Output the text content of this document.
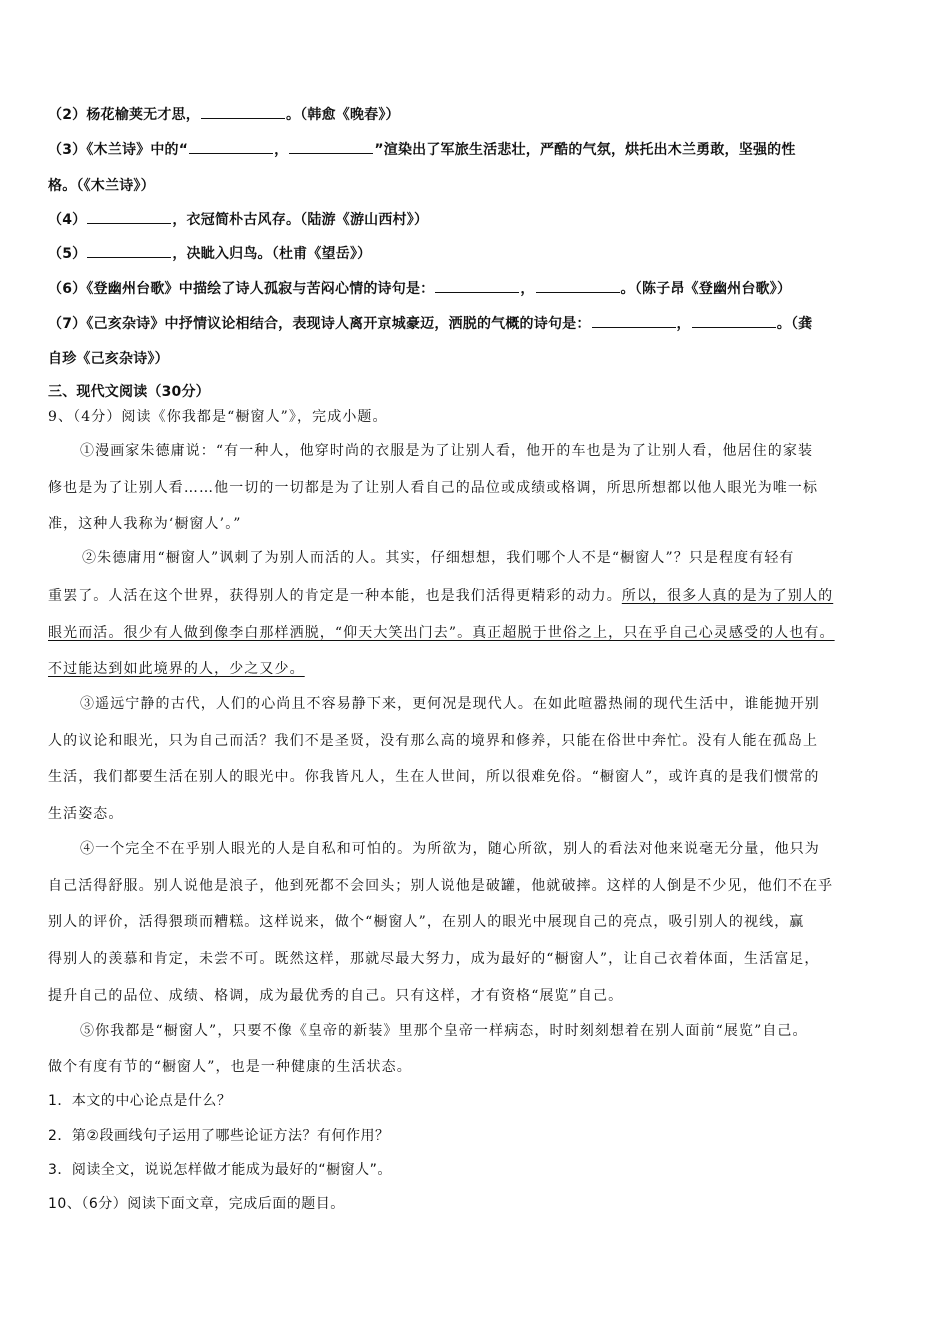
（2）杨花榆荚无才思，	。（韩愈《晚春》）
（3）《木兰诗》中的“	，	”渲染出了军旅生活悲壮，严酷的气氛，烘托出木兰勇敢，坚强的性
格。（《木兰诗》）
（4）	，衣冠简朴古风存。（陆游《游山西村》）
（5）	，决眦入归鸟。（杜甫《望岳》）
（6）《登幽州台歌》中描绘了诗人孤寂与苦闷心情的诗句是：	，	。（陈子昂《登幽州台歌》）
（7）《己亥杂诗》中抒情议论相结合，表现诗人离开京城豪迈，洒脱的气概的诗句是：	，	。（龚
自珍《己亥杂诗》）
三、现代文阅读（30分）
9、（4分）阅读《你我都是“橱窗人”》，完成小题。
①漫画家朱德庸说：“有一种人，他穿时尚的衣服是为了让别人看，他开的车也是为了让别人看，他居住的家装
修也是为了让别人看……他一切的一切都是为了让别人看自己的品位或成绩或格调，所思所想都以他人眼光为唯一标
准，这种人我称为‘橱窗人’。”
②朱德庸用“橱窗人”讽刺了为别人而活的人。其实，仔细想想，我们哪个人不是“橱窗人”？只是程度有轻有
重罢了。人活在这个世界，获得别人的肯定是一种本能，也是我们活得更精彩的动力。所以，很多人真的是为了别人的
眼光而活。很少有人做到像李白那样洒脱，“仰天大笑出门去”。真正超脱于世俗之上，只在乎自己心灵感受的人也有。
不过能达到如此境界的人，少之又少。
③遥远宁静的古代，人们的心尚且不容易静下来，更何况是现代人。在如此喧嚣热闹的现代生活中，谁能抛开别
人的议论和眼光，只为自己而活？我们不是圣贤，没有那么高的境界和修养，只能在俗世中奔忙。没有人能在孤岛上
生活，我们都要生活在别人的眼光中。你我皆凡人，生在人世间，所以很难免俗。“橱窗人”，或许真的是我们惯常的
生活姿态。
④一个完全不在乎别人眼光的人是自私和可怕的。为所欲为，随心所欲，别人的看法对他来说毫无分量，他只为
自己活得舒服。别人说他是浪子，他到死都不会回头；别人说他是破罐，他就破摔。这样的人倒是不少见，他们不在乎
别人的评价，活得猥琐而糟糕。这样说来，做个“橱窗人”，在别人的眼光中展现自己的亮点，吸引别人的视线，赢
得别人的羡慕和肯定，未尝不可。既然这样，那就尽最大努力，成为最好的“橱窗人”，让自己衣着体面，生活富足，
提升自己的品位、成绩、格调，成为最优秀的自己。只有这样，才有资格“展览”自己。
⑤你我都是“橱窗人”，只要不像《皇帝的新装》里那个皇帝一样病态，时时刻刻想着在别人面前“展览”自己。
做个有度有节的“橱窗人”，也是一种健康的生活状态。
1．本文的中心论点是什么？
2．第②段画线句子运用了哪些论证方法？有何作用？
3．阅读全文，说说怎样做才能成为最好的“橱窗人”。
10、（6分）阅读下面文章，完成后面的题目。
